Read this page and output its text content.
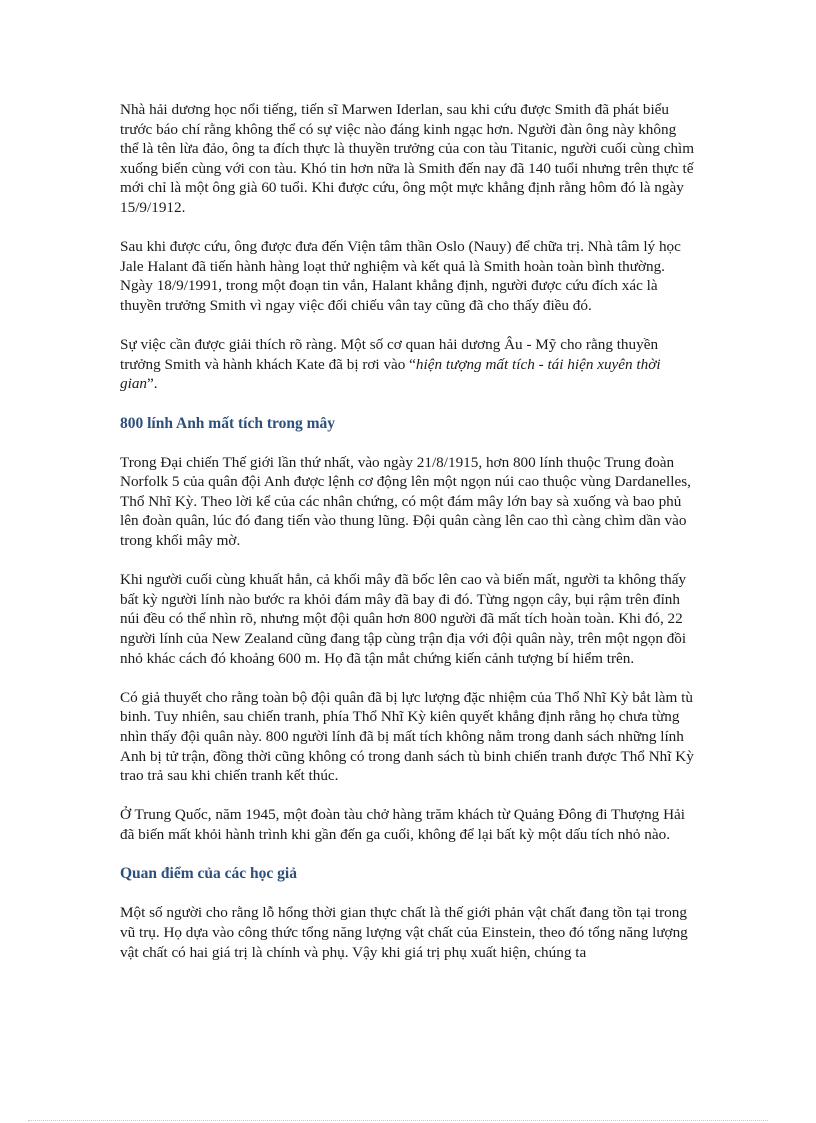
Nhà hải dương học nổi tiếng, tiến sĩ Marwen Iderlan, sau khi cứu được Smith đã phát biểu trước báo chí rằng không thể có sự việc nào đáng kinh ngạc hơn. Người đàn ông này không thể là tên lừa đảo, ông ta đích thực là thuyền trưởng của con tàu Titanic, người cuối cùng chìm xuống biển cùng với con tàu. Khó tin hơn nữa là Smith đến nay đã 140 tuổi nhưng trên thực tế mới chỉ là một ông già 60 tuổi. Khi được cứu, ông một mực khẳng định rằng hôm đó là ngày 15/9/1912.

Sau khi được cứu, ông được đưa đến Viện tâm thần Oslo (Nauy) để chữa trị. Nhà tâm lý học Jale Halant đã tiến hành hàng loạt thử nghiệm và kết quả là Smith hoàn toàn bình thường. Ngày 18/9/1991, trong một đoạn tin vắn, Halant khẳng định, người được cứu đích xác là thuyền trưởng Smith vì ngay việc đối chiếu vân tay cũng đã cho thấy điều đó.

Sự việc cần được giải thích rõ ràng. Một số cơ quan hải dương Âu - Mỹ cho rằng thuyền trưởng Smith và hành khách Kate đã bị rơi vào “hiện tượng mất tích - tái hiện xuyên thời gian”.

800 lính Anh mất tích trong mây

Trong Đại chiến Thế giới lần thứ nhất, vào ngày 21/8/1915, hơn 800 lính thuộc Trung đoàn Norfolk 5 của quân đội Anh được lệnh cơ động lên một ngọn núi cao thuộc vùng Dardanelles, Thổ Nhĩ Kỳ. Theo lời kể của các nhân chứng, có một đám mây lớn bay sà xuống và bao phủ lên đoàn quân, lúc đó đang tiến vào thung lũng. Đội quân càng lên cao thì càng chìm dần vào trong khối mây mờ.

Khi người cuối cùng khuất hẳn, cả khối mây đã bốc lên cao và biến mất, người ta không thấy bất kỳ người lính nào bước ra khỏi đám mây đã bay đi đó. Từng ngọn cây, bụi rậm trên đỉnh núi đều có thể nhìn rõ, nhưng một đội quân hơn 800 người đã mất tích hoàn toàn. Khi đó, 22 người lính của New Zealand cũng đang tập cùng trận địa với đội quân này, trên một ngọn đồi nhỏ khác cách đó khoảng 600 m. Họ đã tận mắt chứng kiến cảnh tượng bí hiểm trên.

Có giả thuyết cho rằng toàn bộ đội quân đã bị lực lượng đặc nhiệm của Thổ Nhĩ Kỳ bắt làm tù binh. Tuy nhiên, sau chiến tranh, phía Thổ Nhĩ Kỳ kiên quyết khẳng định rằng họ chưa từng nhìn thấy đội quân này. 800 người lính đã bị mất tích không nằm trong danh sách những lính Anh bị tử trận, đồng thời cũng không có trong danh sách tù binh chiến tranh được Thổ Nhĩ Kỳ trao trả sau khi chiến tranh kết thúc.

Ở Trung Quốc, năm 1945, một đoàn tàu chở hàng trăm khách từ Quảng Đông đi Thượng Hải đã biến mất khỏi hành trình khi gần đến ga cuối, không để lại bất kỳ một dấu tích nhỏ nào.

Quan điểm của các học giả

Một số người cho rằng lỗ hổng thời gian thực chất là thế giới phản vật chất đang tồn tại trong vũ trụ. Họ dựa vào công thức tổng năng lượng vật chất của Einstein, theo đó tổng năng lượng vật chất có hai giá trị là chính và phụ. Vậy khi giá trị phụ xuất hiện, chúng ta
